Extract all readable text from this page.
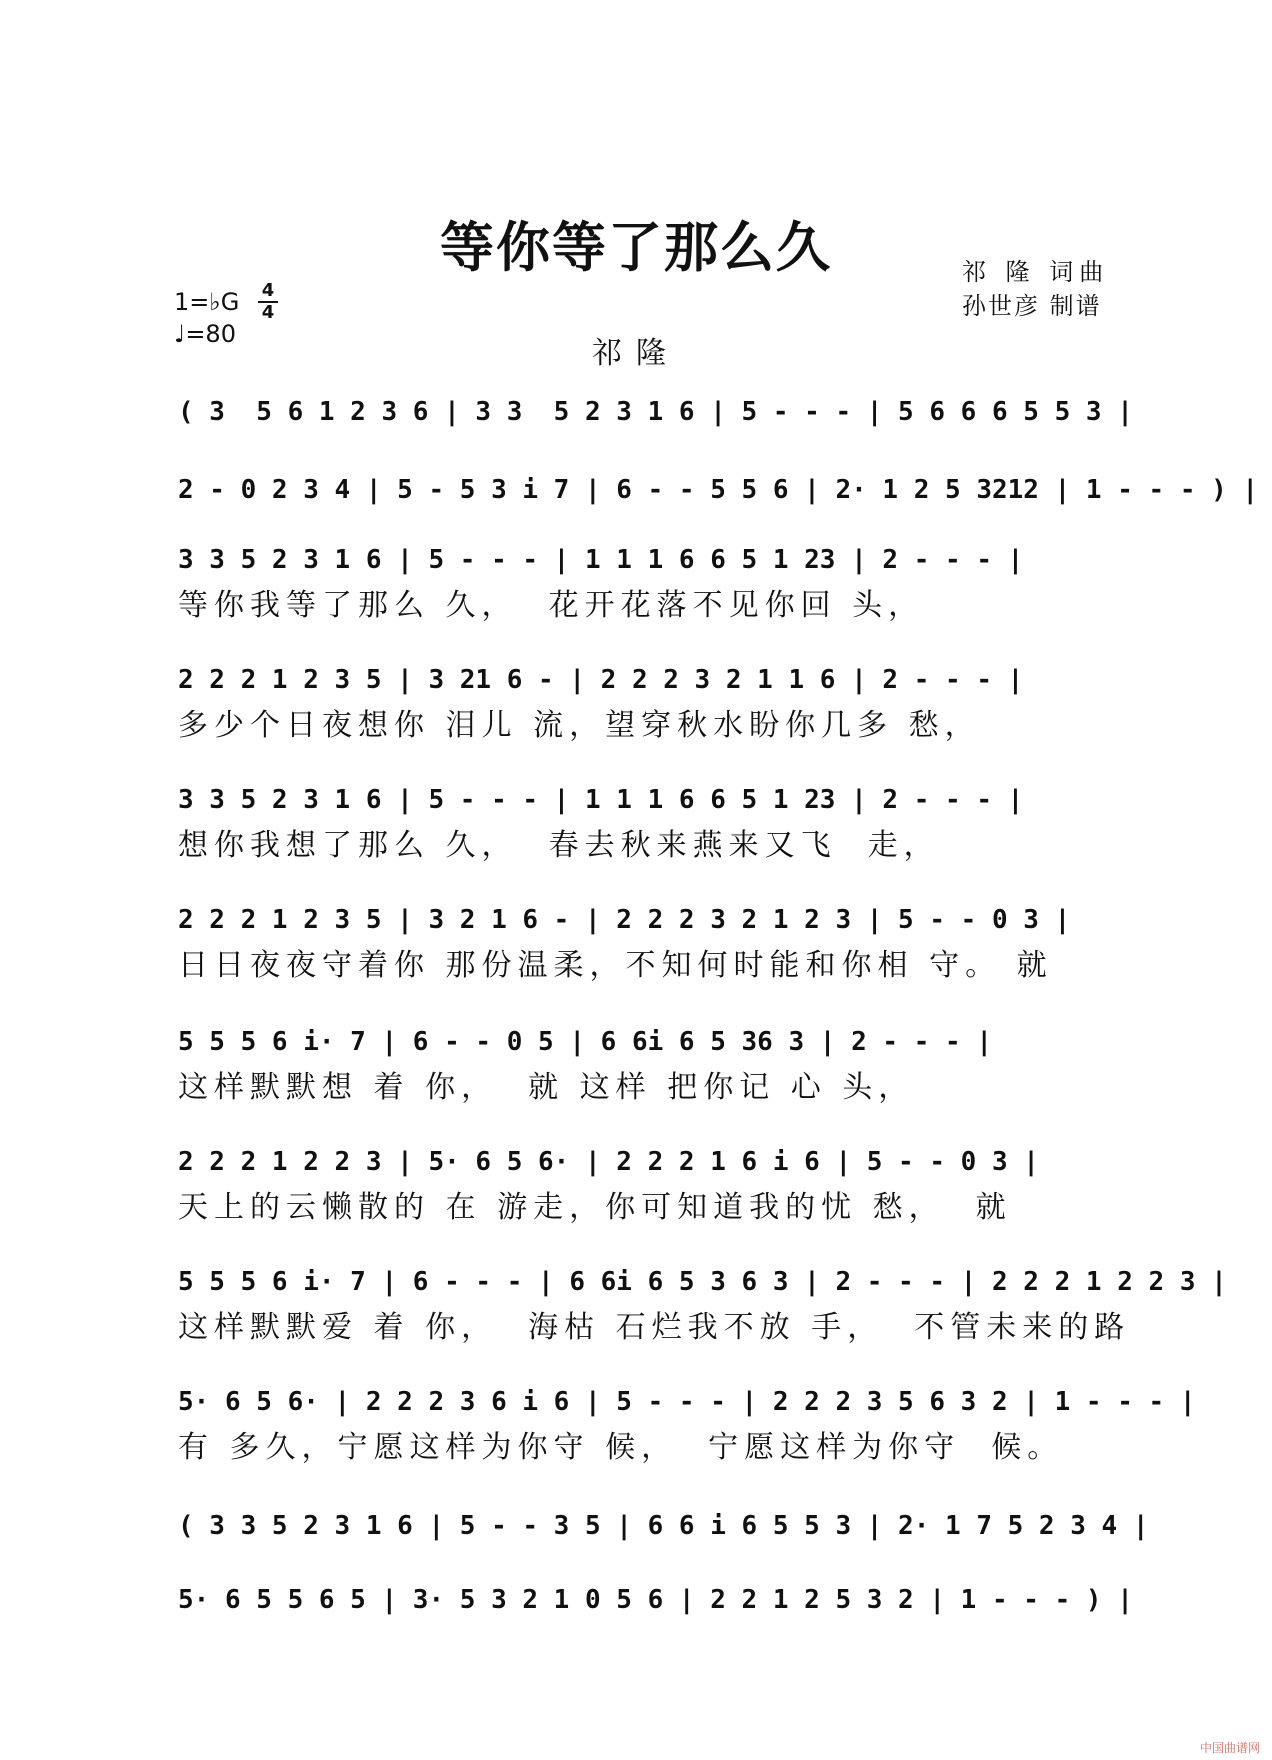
等你等了那么久	祁 隆 词曲
孙世彦 制谱
1=♭G 4
4
♩=80
祁隆
( 3  5 6 1 2 3 6 | 3 3  5 2 3 1 6 | 5 - - - | 5 6 6 6 5 5 3 |
2 - 0 2 3 4 | 5 - 5 3 i 7 | 6 - - 5 5 6 | 2· 1 2 5 3212 | 1 - - - ) |
3 3 5 2 3 1 6 | 5 - - - | 1 1 1 6 6 5 1 23 | 2 - - - |
等你我等了那么 久，  花开花落不见你回 头，
2 2 2 1 2 3 5 | 3 21 6 - | 2 2 2 3 2 1 1 6 | 2 - - - |
多少个日夜想你 泪儿 流，望穿秋水盼你几多 愁，
3 3 5 2 3 1 6 | 5 - - - | 1 1 1 6 6 5 1 23 | 2 - - - |
想你我想了那么 久，  春去秋来燕来又飞  走，
2 2 2 1 2 3 5 | 3 2 1 6 - | 2 2 2 3 2 1 2 3 | 5 - - 0 3 |
日日夜夜守着你 那份温柔，不知何时能和你相 守。 就
5 5 5 6 i· 7 | 6 - - 0 5 | 6 6i 6 5 36 3 | 2 - - - |
这样默默想 着 你，  就 这样 把你记 心 头，
2 2 2 1 2 2 3 | 5· 6 5 6· | 2 2 2 1 6 i 6 | 5 - - 0 3 |
天上的云懒散的 在 游走，你可知道我的忧 愁，  就
5 5 5 6 i· 7 | 6 - - - | 6 6i 6 5 3 6 3 | 2 - - - | 2 2 2 1 2 2 3 |
这样默默爱 着 你，  海枯 石烂我不放 手，  不管未来的路
5· 6 5 6· | 2 2 2 3 6 i 6 | 5 - - - | 2 2 2 3 5 6 3 2 | 1 - - - |
有 多久，宁愿这样为你守 候，  宁愿这样为你守  候。
( 3 3 5 2 3 1 6 | 5 - - 3 5 | 6 6 i 6 5 5 3 | 2· 1 7 5 2 3 4 |
5· 6 5 5 6 5 | 3· 5 3 2 1 0 5 6 | 2 2 1 2 5 3 2 | 1 - - - ) |
中国曲谱网
